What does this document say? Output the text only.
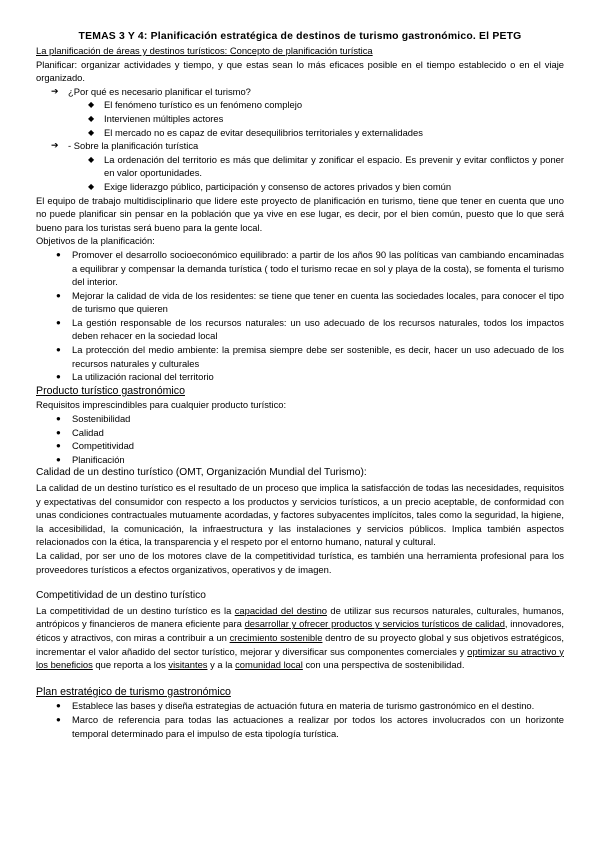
TEMAS 3 Y 4: Planificación estratégica de destinos de turismo gastronómico. El PETG

La planificación de áreas y destinos turísticos: Concepto de planificación turística

Planificar: organizar actividades y tiempo, y que estas sean lo más eficaces posible en el tiempo establecido o en el viaje organizado.

➔ ¿Por qué es necesario planificar el turismo?
◆ El fenómeno turístico es un fenómeno complejo
◆ Intervienen múltiples actores
◆ El mercado no es capaz de evitar desequilibrios territoriales y externalidades
➔ - Sobre la planificación turística
◆ La ordenación del territorio es más que delimitar y zonificar el espacio. Es prevenir y evitar conflictos y poner en valor oportunidades.
◆ Exige liderazgo público, participación y consenso de actores privados y bien común

El equipo de trabajo multidisciplinario que lidere este proyecto de planificación en turismo, tiene que tener en cuenta que uno no puede planificar sin pensar en la población que ya vive en ese lugar, es decir, por el bien común, puesto que lo que será bueno para los turistas será bueno para la gente local.

Objetivos de la planificación:

● Promover el desarrollo socioeconómico equilibrado: a partir de los años 90 las políticas van cambiando encaminadas a equilibrar y compensar la demanda turística ( todo el turismo recae en sol y playa de la costa), se fomenta el turismo del interior.
● Mejorar la calidad de vida de los residentes: se tiene que tener en cuenta las sociedades locales, para conocer el tipo de turismo que quieren
● La gestión responsable de los recursos naturales: un uso adecuado de los recursos naturales, todos los impactos deben rehacer en la sociedad local
● La protección del medio ambiente: la premisa siempre debe ser sostenible, es decir, hacer un uso adecuado de los recursos naturales y culturales
● La utilización racional del territorio

Producto turístico gastronómico

Requisitos imprescindibles para cualquier producto turístico:

● Sostenibilidad
● Calidad
● Competitividad
● Planificación

Calidad de un destino turístico (OMT, Organización Mundial del Turismo):

La calidad de un destino turístico es el resultado de un proceso que implica la satisfacción de todas las necesidades, requisitos y expectativas del consumidor con respecto a los productos y servicios turísticos, a un precio aceptable, de conformidad con unas condiciones contractuales mutuamente acordadas, y factores subyacentes implícitos, tales como la seguridad, la higiene, la accesibilidad, la comunicación, la infraestructura y las instalaciones y servicios públicos. Implica también aspectos relacionados con la ética, la transparencia y el respeto por el entorno humano, natural y cultural.

La calidad, por ser uno de los motores clave de la competitividad turística, es también una herramienta profesional para los proveedores turísticos a efectos organizativos, operativos y de imagen.

Competitividad de un destino turístico

La competitividad de un destino turístico es la capacidad del destino de utilizar sus recursos naturales, culturales, humanos, antrópicos y financieros de manera eficiente para desarrollar y ofrecer productos y servicios turísticos de calidad, innovadores, éticos y atractivos, con miras a contribuir a un crecimiento sostenible dentro de su proyecto global y sus objetivos estratégicos, incrementar el valor añadido del sector turístico, mejorar y diversificar sus componentes comerciales y optimizar su atractivo y los beneficios que reporta a los visitantes y a la comunidad local con una perspectiva de sostenibilidad.

Plan estratégico de turismo gastronómico

● Establece las bases y diseña estrategias de actuación futura en materia de turismo gastronómico en el destino.
● Marco de referencia para todas las actuaciones a realizar por todos los actores involucrados con un horizonte temporal determinado para el impulso de esta tipología turística.
